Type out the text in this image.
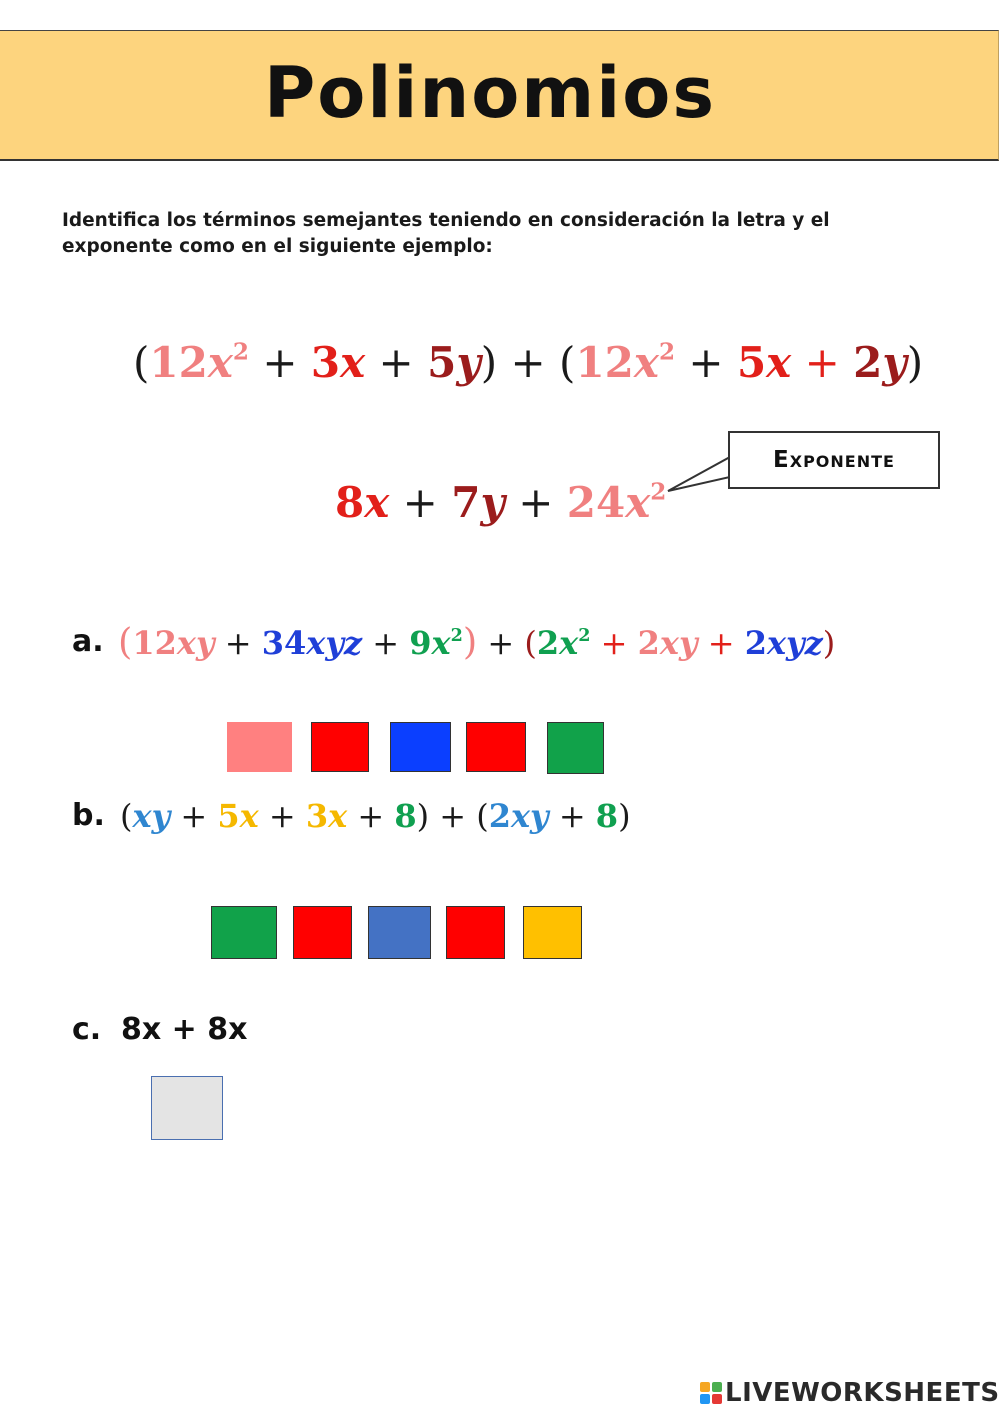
Polinomios
Identifica los términos semejantes teniendo en consideración la letra y el exponente como en el siguiente ejemplo:
$(12x^2 + 3x + 5y) + (12x^2 + 5x + 2y)$
$8x + 7y + 24x^2$
Exponente
a. $(12xy + 34xyz + 9x^2) + (2x^2 + 2xy + 2xyz)$
b. (xy + 5x + 3x + 8) + (2xy + 8)
c. 8x + 8x
LIVEWORKSHEETS
